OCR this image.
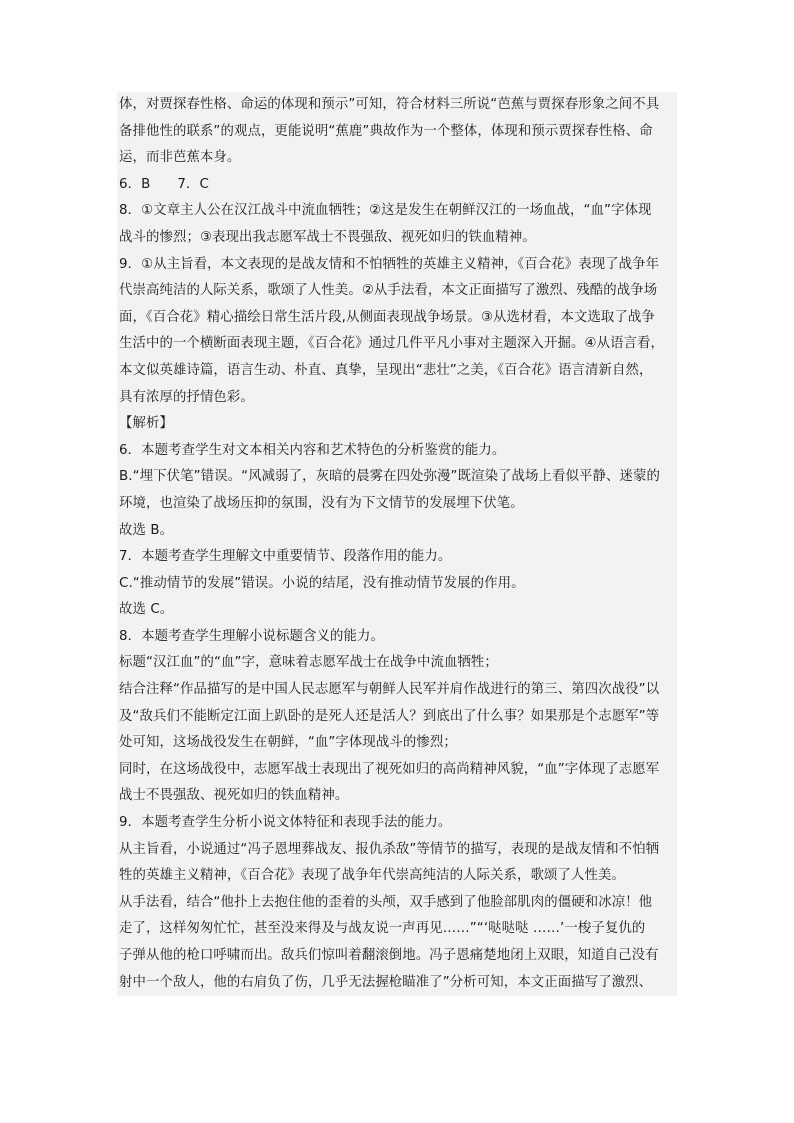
体，对贾探春性格、命运的体现和预示”可知，符合材料三所说“芭蕉与贾探春形象之间不具
备排他性的联系”的观点，更能说明“蕉鹿”典故作为一个整体，体现和预示贾探春性格、命
运，而非芭蕉本身。
6．B　　7．C
8．①文章主人公在汉江战斗中流血牺牲；②这是发生在朝鲜汉江的一场血战，“血”字体现
战斗的惨烈；③表现出我志愿军战士不畏强敌、视死如归的铁血精神。
9．①从主旨看，本文表现的是战友情和不怕牺牲的英雄主义精神，《百合花》表现了战争年
代崇高纯洁的人际关系，歌颂了人性美。②从手法看，本文正面描写了激烈、残酷的战争场
面，《百合花》精心描绘日常生活片段,从侧面表现战争场景。③从选材看，本文选取了战争
生活中的一个横断面表现主题，《百合花》通过几件平凡小事对主题深入开掘。④从语言看，
本文似英雄诗篇，语言生动、朴直、真挚，呈现出“悲壮”之美，《百合花》语言清新自然，
具有浓厚的抒情色彩。
【解析】
6．本题考查学生对文本相关内容和艺术特色的分析鉴赏的能力。
B.“埋下伏笔”错误。“风减弱了，灰暗的晨雾在四处弥漫”既渲染了战场上看似平静、迷蒙的
环境，也渲染了战场压抑的氛围，没有为下文情节的发展埋下伏笔。
故选 B。
7．本题考查学生理解文中重要情节、段落作用的能力。
C.“推动情节的发展”错误。小说的结尾，没有推动情节发展的作用。
故选 C。
8．本题考查学生理解小说标题含义的能力。
标题“汉江血”的“血”字，意味着志愿军战士在战争中流血牺牲；
结合注释“作品描写的是中国人民志愿军与朝鲜人民军并肩作战进行的第三、第四次战役”以
及“敌兵们不能断定江面上趴卧的是死人还是活人？到底出了什么事？如果那是个志愿军”等
处可知，这场战役发生在朝鲜，“血”字体现战斗的惨烈；
同时，在这场战役中，志愿军战士表现出了视死如归的高尚精神风貌，“血”字体现了志愿军
战士不畏强敌、视死如归的铁血精神。
9．本题考查学生分析小说文体特征和表现手法的能力。
从主旨看，小说通过“冯子恩埋葬战友、报仇杀敌”等情节的描写，表现的是战友情和不怕牺
牲的英雄主义精神，《百合花》表现了战争年代崇高纯洁的人际关系，歌颂了人性美。
从手法看，结合“他扑上去抱住他的歪着的头颅，双手感到了他脸部肌肉的僵硬和冰凉！他
走了，这样匆匆忙忙，甚至没来得及与战友说一声再见……”“‘哒哒哒 ……’一梭子复仇的
子弹从他的枪口呼啸而出。敌兵们惊叫着翻滚倒地。冯子恩痛楚地闭上双眼，知道自己没有
射中一个敌人，他的右肩负了伤，几乎无法握枪瞄准了”分析可知，本文正面描写了激烈、
